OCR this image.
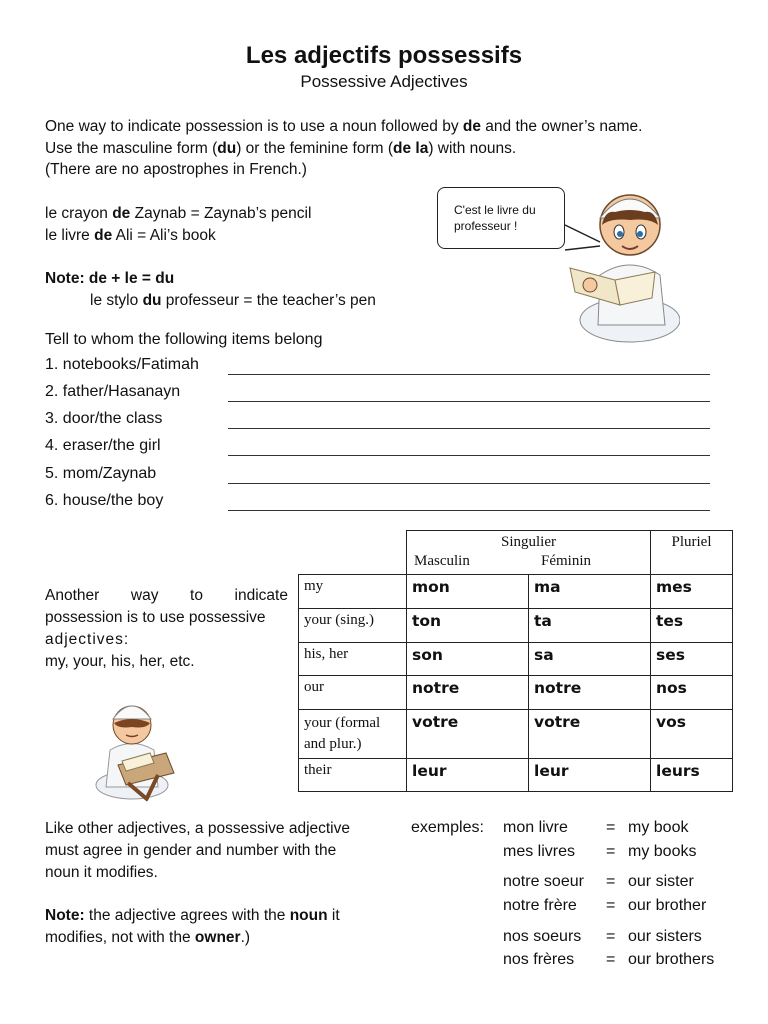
Les adjectifs possessifs
Possessive Adjectives
One way to indicate possession is to use a noun followed by de and the owner’s name.
Use the masculine form (du) or the feminine form (de la) with nouns.
(There are no apostrophes in French.)
le crayon de Zaynab = Zaynab’s pencil
le livre de Ali = Ali’s book
Note: de + le = du
le stylo du professeur = the teacher’s pen
C'est le livre du
professeur !
Tell to whom the following items belong
1. notebooks/Fatimah
2. father/Hasanayn
3. door/the class
4. eraser/the girl
5. mom/Zaynab
6. house/the boy
Another way to indicate
possession is to use possessive
adjectives:
my, your, his, her, etc.

	Singulier
Masculin Féminin		Pluriel
my	mon	ma	mes
your (sing.)	ton	ta	tes
his, her	son	sa	ses
our	notre	notre	nos
your (formal and plur.)	votre	votre	vos
their	leur	leur	leurs
Like other adjectives, a possessive adjective
must agree in gender and number with the
noun it modifies.
Note: the adjective agrees with the noun it
modifies, not with the owner.)
exemples: mon livre = my book
mes livres = my books
notre soeur = our sister
notre frère = our brother
nos soeurs = our sisters
nos frères = our brothers
